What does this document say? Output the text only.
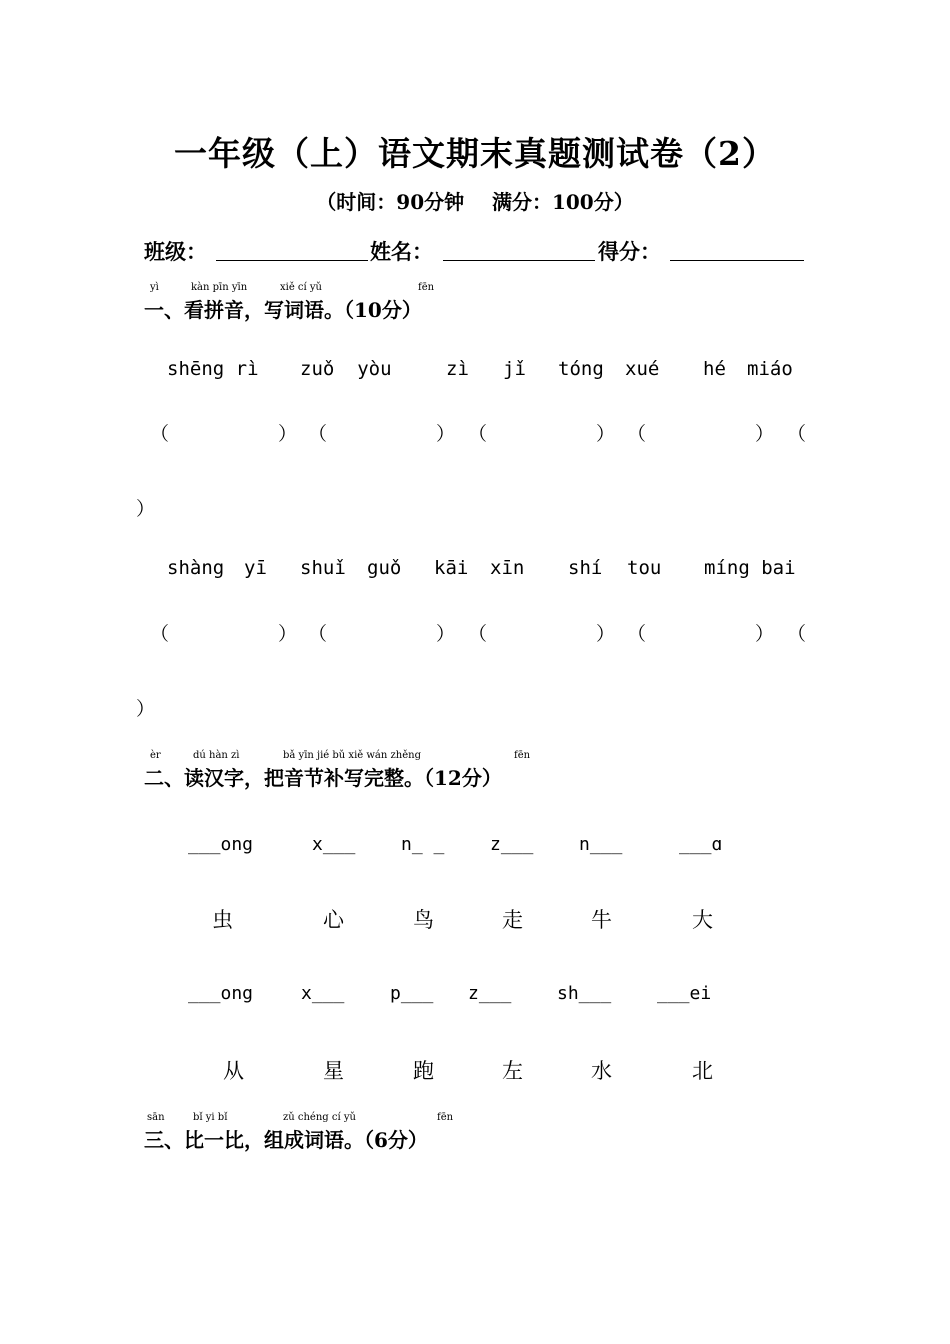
一年级（上）语文期末真题测试卷（2）
（时间：90分钟    满分：100分）
班级：	姓名：	得分：
yì	kàn pīn yīn	xiě cí yǔ	fēn
一、看拼音，写词语。（10分）
shēng rì zuǒ  yòu	zì jǐ tóng xué hé miáo
（	） （	） （	） （	） （
）
shàng yī shuǐ guǒ kāi xīn shí tou míng bai
（	） （	） （	） （	） （
）
èr	dú hàn zì	bǎ yīn jié bǔ xiě wán zhěng	fēn
二、读汉字，把音节补写完整。（12分）
___ong	x___	n_ _	z___	n___	___ɑ
虫	心	鸟	走	牛	大
___ong	x___	p___ z___	sh___	___ei
从	星	跑	左	水	北
sān	bǐ yi bǐ	zǔ chéng cí yǔ	fēn
三、比一比，组成词语。（6分）
